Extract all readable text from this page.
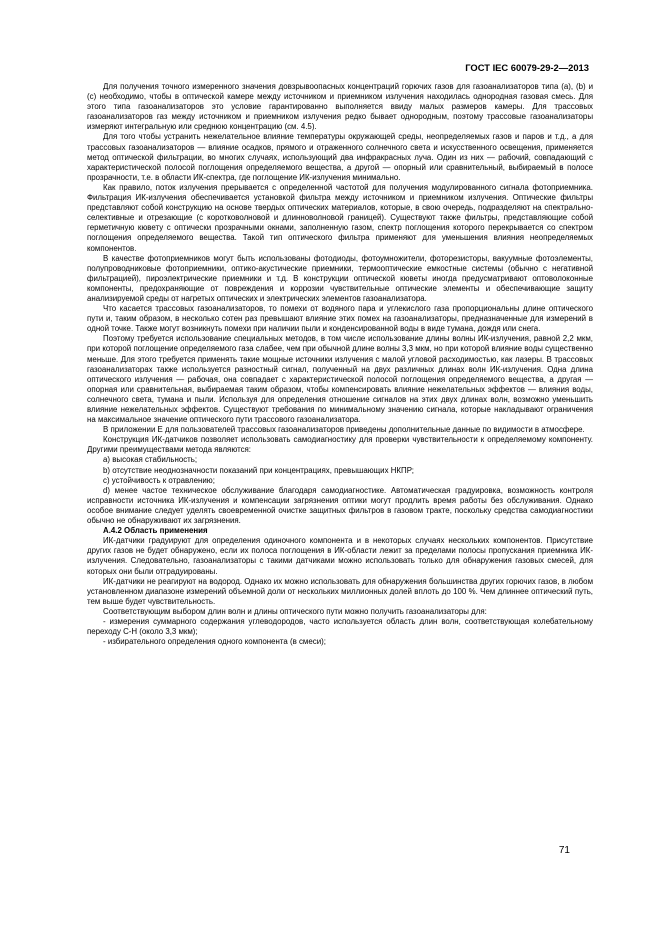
ГОСТ IEC 60079-29-2—2013

Для получения точного измеренного значения довзрывоопасных концентраций горючих газов для газоанализаторов типа (a), (b) и (c) необходимо, чтобы в оптической камере между источником и приемником излучения находилась однородная газовая смесь. Для этого типа газоанализаторов это условие гарантированно выполняется ввиду малых размеров камеры. Для трассовых газоанализаторов газ между источником и приемником излучения редко бывает однородным, поэтому трассовые газоанализаторы измеряют интегральную или среднюю концентрацию (см. 4.5).

Для того чтобы устранить нежелательное влияние температуры окружающей среды, неопределяемых газов и паров и т.д., а для трассовых газоанализаторов — влияние осадков, прямого и отраженного солнечного света и искусственного освещения, применяется метод оптической фильтрации, во многих случаях, использующий два инфракрасных луча. Один из них — рабочий, совпадающий с характеристической полосой поглощения определяемого вещества, а другой — опорный или сравнительный, выбираемый в полосе прозрачности, т.е. в области ИК-спектра, где поглощение ИК-излучения минимально.

Как правило, поток излучения прерывается с определенной частотой для получения модулированного сигнала фотоприемника. Фильтрация ИК-излучения обеспечивается установкой фильтра между источником и приемником излучения. Оптические фильтры представляют собой конструкцию на основе твердых оптических материалов, которые, в свою очередь, подразделяют на спектрально-селективные и отрезающие (с коротковолновой и длинноволновой границей). Существуют также фильтры, представляющие собой герметичную кювету с оптически прозрачными окнами, заполненную газом, спектр поглощения которого перекрывается со спектром поглощения определяемого вещества. Такой тип оптического фильтра применяют для уменьшения влияния неопределяемых компонентов.

В качестве фотоприемников могут быть использованы фотодиоды, фотоумножители, фоторезисторы, вакуумные фотоэлементы, полупроводниковые фотоприемники, оптико-акустические приемники, термооптические емкостные системы (обычно с негативной фильтрацией), пироэлектрические приемники и т.д. В конструкции оптической кюветы иногда предусматривают оптоволоконные компоненты, предохраняющие от повреждения и коррозии чувствительные оптические элементы и обеспечивающие защиту анализируемой среды от нагретых оптических и электрических элементов газоанализатора.

Что касается трассовых газоанализаторов, то помехи от водяного пара и углекислого газа пропорциональны длине оптического пути и, таким образом, в несколько сотен раз превышают влияние этих помех на газоанализаторы, предназначенные для измерений в одной точке. Также могут возникнуть помехи при наличии пыли и конденсированной воды в виде тумана, дождя или снега.

Поэтому требуется использование специальных методов, в том числе использование длины волны ИК-излучения, равной 2,2 мкм, при которой поглощение определяемого газа слабее, чем при обычной длине волны 3,3 мкм, но при которой влияние воды существенно меньше. Для этого требуется применять такие мощные источники излучения с малой угловой расходимостью, как лазеры. В трассовых газоанализаторах также используется разностный сигнал, полученный на двух различных длинах волн ИК-излучения. Одна длина оптического излучения — рабочая, она совпадает с характеристической полосой поглощения определяемого вещества, а другая — опорная или сравнительная, выбираемая таким образом, чтобы компенсировать влияние нежелательных эффектов — влияния воды, солнечного света, тумана и пыли. Используя для определения отношение сигналов на этих двух длинах волн, возможно уменьшить влияние нежелательных эффектов. Существуют требования по минимальному значению сигнала, которые накладывают ограничения на максимальное значение оптического пути трассового газоанализатора.

В приложении Е для пользователей трассовых газоанализаторов приведены дополнительные данные по видимости в атмосфере.

Конструкция ИК-датчиков позволяет использовать самодиагностику для проверки чувствительности к определяемому компоненту. Другими преимуществами метода являются:

a) высокая стабильность;

b) отсутствие неоднозначности показаний при концентрациях, превышающих НКПР;

c) устойчивость к отравлению;

d) менее частое техническое обслуживание благодаря самодиагностике. Автоматическая градуировка, возможность контроля исправности источника ИК-излучения и компенсации загрязнения оптики могут продлить время работы без обслуживания. Однако особое внимание следует уделять своевременной очистке защитных фильтров в газовом тракте, поскольку средства самодиагностики обычно не обнаруживают их загрязнения.

А.4.2 Область применения

ИК-датчики градуируют для определения одиночного компонента и в некоторых случаях нескольких компонентов. Присутствие других газов не будет обнаружено, если их полоса поглощения в ИК-области лежит за пределами полосы пропускания приемника ИК-излучения. Следовательно, газоанализаторы с такими датчиками можно использовать только для обнаружения газовых смесей, для которых они были отградуированы.

ИК-датчики не реагируют на водород. Однако их можно использовать для обнаружения большинства других горючих газов, в любом установленном диапазоне измерений объемной доли от нескольких миллионных долей вплоть до 100 %. Чем длиннее оптический путь, тем выше будет чувствительность.

Соответствующим выбором длин волн и длины оптического пути можно получить газоанализаторы для:

- измерения суммарного содержания углеводородов, часто используется область длин волн, соответствующая колебательному переходу C-H (около 3,3 мкм);

- избирательного определения одного компонента (в смеси);

71
